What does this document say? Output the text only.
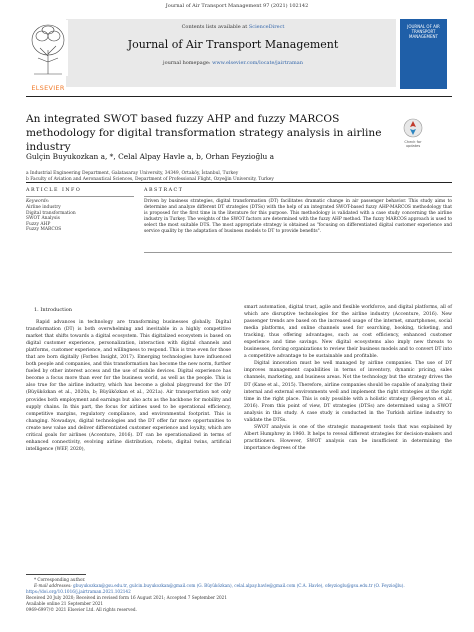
Journal of Air Transport Management 97 (2021) 102142
ELSEVIER
Contents lists available at ScienceDirect
Journal of Air Transport Management
journal homepage: www.elsevier.com/locate/jairtraman
JOURNAL OF AIR TRANSPORT MANAGEMENT
An integrated SWOT based fuzzy AHP and fuzzy MARCOS methodology for digital transformation strategy analysis in airline industry	Check for updates
Gulçin Buyukozkan a, *, Celal Alpay Havle a, b, Orhan Feyzioğlu a
a Industrial Engineering Department, Galatasaray University, 34349, Ortaköy, İstanbul, Turkey
b Faculty of Aviation and Aeronautical Sciences, Department of Professional Flight, Ozyeğin University, Turkey
ARTICLE INFO
Keywords:
Airline industry
Digital transformation
SWOT Analysis
Fuzzy AHP
Fuzzy MARCOS
ABSTRACT
Driven by business strategies, digital transformation (DT) facilitates dramatic change in air passenger behavior. This study aims to determine and analyze different DT strategies (DTSs) with the help of an integrated SWOT-based fuzzy AHP-MARCOS methodology that is proposed for the first time in the literature for this purpose. This methodology is validated with a case study concerning the airline industry in Turkey. The weights of the SWOT factors are determined with the fuzzy AHP method. The fuzzy MARCOS approach is used to select the most suitable DTS. The most appropriate strategy is obtained as "focusing on differentiated digital customer experience and service quality by the adaptation of business models to DT to provide benefits".
1. Introduction

Rapid advances in technology are transforming businesses globally. Digital transformation (DT) is both overwhelming and inevitable in a highly competitive market that shifts towards a digital ecosystem. This digitalized ecosystem is based on digital customer experience, personalization, interaction with digital channels and platforms, customer experience, and willingness to respond. This is true even for those that are born digitally (Forbes Insight, 2017). Emerging technologies have influenced both people and companies, and this transformation has become the new norm, further fueled by other interest access and the use of mobile devices. Digital experience has become a focus more than ever for the business world, as well as the people. This is also true for the airline industry, which has become a global playground for the DT (Büyüközkan et al., 2020a, b; Büyüközkan et al., 2021a). Air transportation not only provides both employment and earnings but also acts as the backbone for mobility and supply chains. In this part, the focus for airlines used to be operational efficiency, competitive margins, regulatory compliance, and environmental footprint. This is changing. Nowadays, digital technologies and the DT offer far more opportunities to create new value and deliver differentiated customer experience and loyalty, which are critical goals for airlines (Accenture, 2016). DT can be operationalized in terms of enhanced connectivity, evolving airline distribution, robots, digital twins, artificial intelligence (WEF, 2020),

smart automation, digital trust, agile and flexible workforce, and digital platforms, all of which are disruptive technologies for the airline industry (Accenture, 2016). New passenger trends are based on the increased usage of the internet, smartphones, social media platforms, and online channels used for searching, booking, ticketing, and tracking, thus offering advantages, such as cost efficiency, enhanced customer experience and time savings. New digital ecosystems also imply new threats to businesses, forcing organizations to review their business models and to convert DT into a competitive advantage to be sustainable and profitable.

Digital innovation must be well managed by airline companies. The use of DT improves management capabilities in terms of inventory, dynamic pricing, sales channels, marketing, and business areas. Not the technology but the strategy drives the DT (Kane et al., 2015). Therefore, airline companies should be capable of analyzing their internal and external environments well and implement the right strategies at the right time in the right place. This is only possible with a holistic strategy (Bergeyton et al., 2016). From this point of view, DT strategies (DTSs) are determined using a SWOT analysis in this study. A case study is conducted in the Turkish airline industry to validate the DTSs.

SWOT analysis is one of the strategic management tools that was explained by Albert Humphrey in 1960. It helps to reveal different strategies for decision-makers and practitioners. However, SWOT analysis can be insufficient in determining the importance degrees of the

* Corresponding author.
E-mail addresses: gbuyukozkan@gsu.edu.tr, gulcin.buyukozkan@gmail.com (G. Büyüközkan), celal.alpay.havle@gmail.com (C.A. Havle), ofeyzioglu@gsu.edu.tr (O. Feyzioğlu).
https://doi.org/10.1016/j.jairtraman.2021.102142
Received 20 July 2020; Received in revised form 16 August 2021; Accepted 7 September 2021
Available online 21 September 2021
0969-6997/© 2021 Elsevier Ltd. All rights reserved.
